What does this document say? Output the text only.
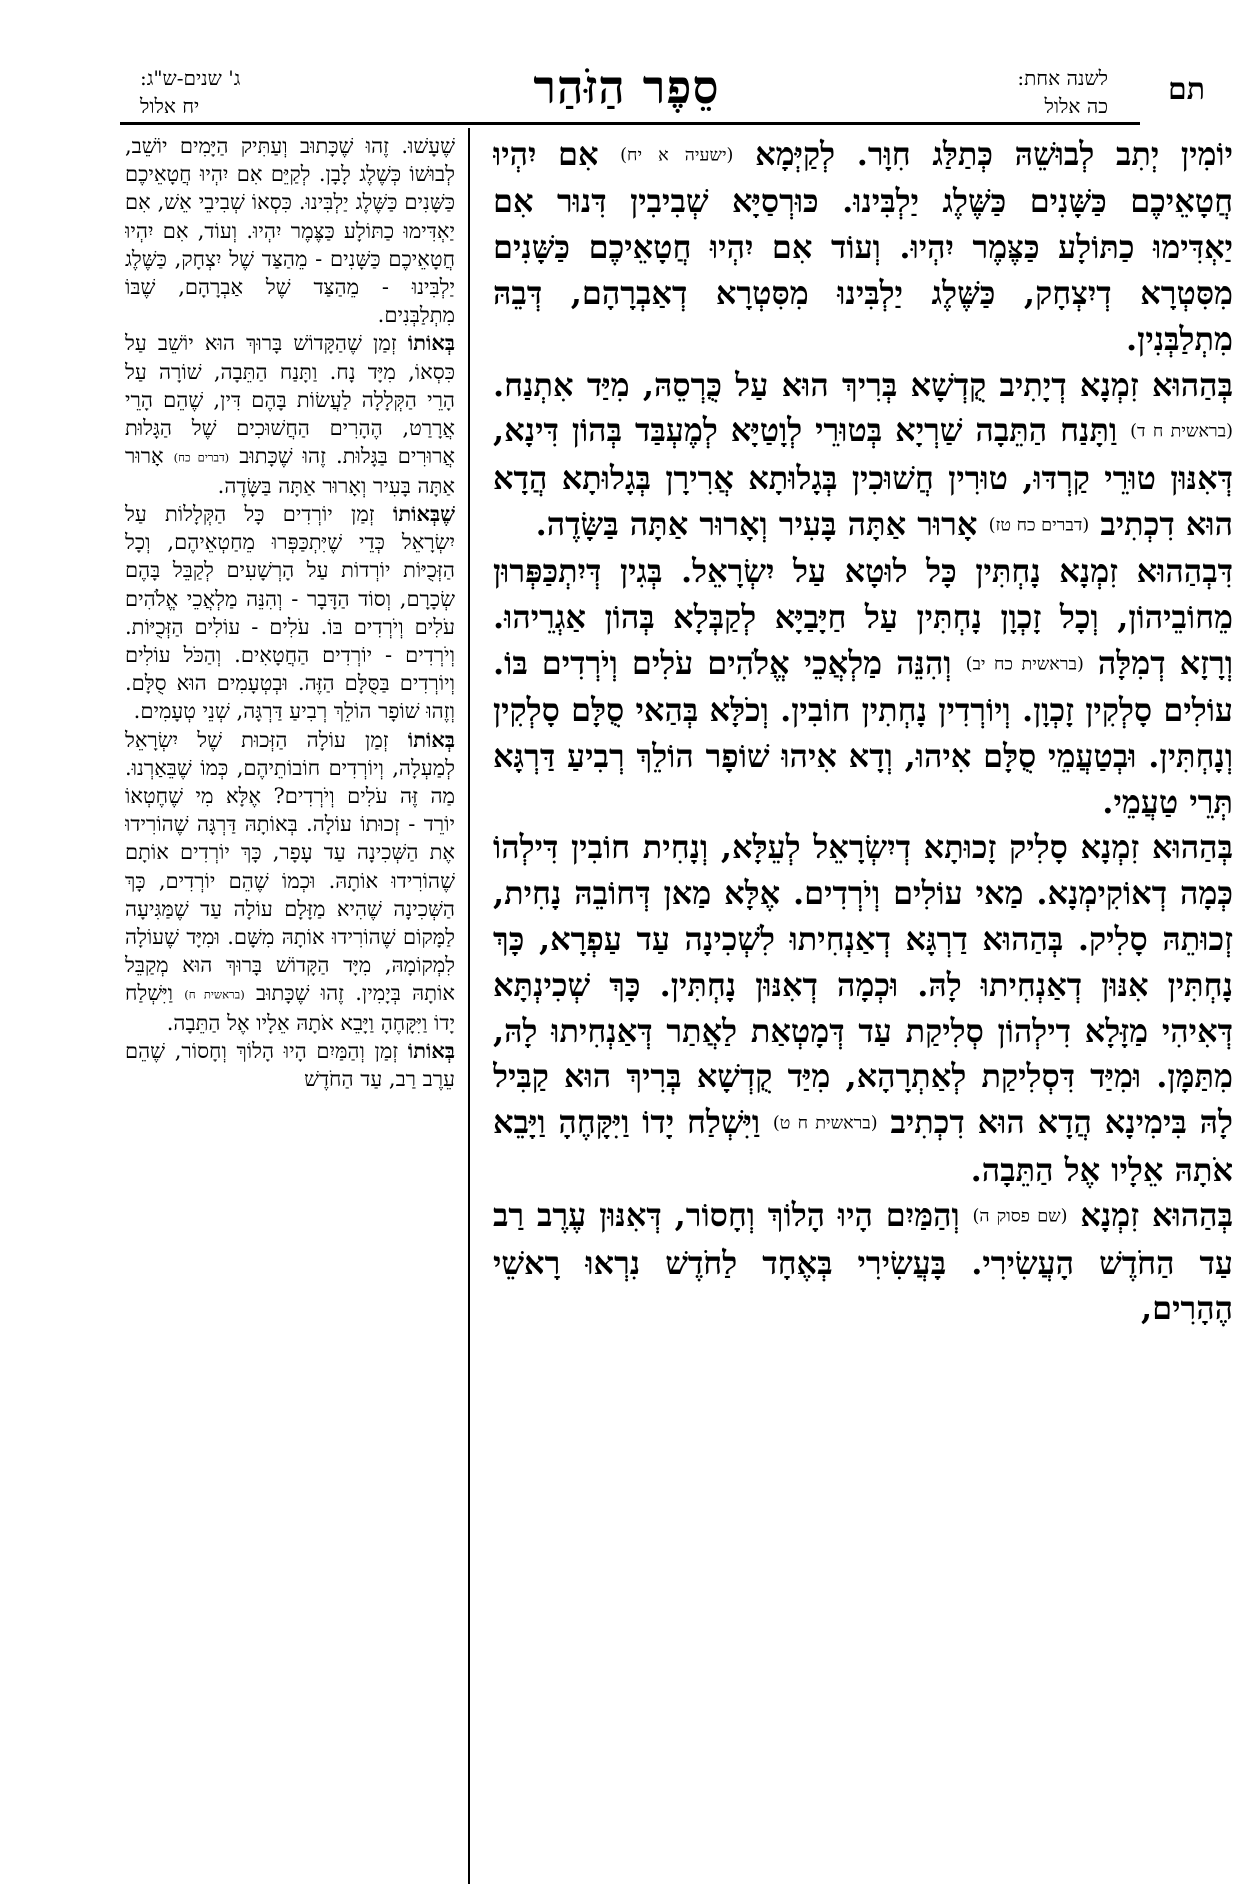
תם
לשנה אחת:
כה אלול
סֵפֶר הַזֹּהַר
ג' שנים-ש"ג:
יח אלול

יוֹמִין יְתִב לְבוּשֵׁהּ כְּתַלַּג חִוָּר. לְקַיְּמָא (ישעיה א יח) אִם יִהְיוּ חֲטָאֵיכֶם כַּשָּׁנִים כַּשֶּׁלֶג יַלְבִּינוּ. כּוּרְסַיָּא שְׁבִיבִין דִּנוּר אִם יַאְדִּימוּ כַתּוֹלָע כַּצֶּמֶר יִהְיוּ. וְעוֹד אִם יִהְיוּ חֲטָאֵיכֶם כַּשָּׁנִים מִסִּטְרָא דְיִצְחָק, כַּשֶּׁלֶג יַלְבִּינוּ מִסִּטְרָא דְאַבְרָהָם, דְּבֵהּ מִתְלַבְּנִין.

בְּהַהוּא זִמְנָא דְיָתִיב קֻדְשָׁא בְּרִיךְ הוּא עַל כֻּרְסֵהּ, מִיַּד אִתְנַח. (בראשית ח ד) וַתָּנַח הַתֵּבָה שַׁרְיָא בְּטוּרֵי לְוָטַיָּא לְמֶעְבַּד בְּהוֹן דִּינָא, דְּאִנּוּן טוּרֵי קַרְדּוּ, טוּרִין חֲשׁוּכִין בְּגָלוּתָא אֲרִירָן בְּגָלוּתָא הֲדָא הוּא דִכְתִיב (דברים כח טז) אָרוּר אַתָּה בָּעִיר וְאָרוּר אַתָּה בַּשָּׂדֶה.

דִּבְהַהוּא זִמְנָא נָחְתִּין כָּל לוּטָא עַל יִשְׂרָאֵל. בְּגִין דְּיִתְכַּפְּרוּן מֵחוֹבֵיהוֹן, וְכָל זָכְוָן נָחְתִּין עַל חַיָּבַיָּא לְקַבְּלָא בְּהוֹן אַגְרֵיהוּ. וְרָזָא דְמִלָּה (בראשית כח יב) וְהִנֵּה מַלְאֲכֵי אֱלֹהִים עֹלִים וְיֹרְדִים בּוֹ. עוֹלִים סָלְקִין זָכְוָן. וְיוֹרְדִין נָחְתִין חוֹבִין. וְכֹלָּא בְּהַאי סֻלָּם סָלְקִין וְנָחְתִּין. וּבְטַעֲמֵי סֻלָּם אִיהוּ, וְדָא אִיהוּ שׁוֹפָר הוֹלֵךְ רְבִיעַ דַּרְגָּא תְּרֵי טַעֲמֵי.

בְּהַהוּא זִמְנָא סָלִיק זָכוּתָא דְיִשְׂרָאֵל לְעֵלָּא, וְנָחִית חוֹבִין דִּילְהוֹ כְּמָה דְאוֹקִימְנָא. מַאי עוֹלִים וְיֹרְדִים. אֶלָּא מַאן דְּחוֹבֵהּ נָחִית, זְכוּתֵהּ סָלִיק. בְּהַהוּא דַרְגָּא דְאַנְחִיתוּ לִשְׁכִינָה עַד עַפְרָא, כָּךְ נָחְתִּין אִנּוּן דְאַנְחִיתוּ לָהּ. וּכְמָה דְאִנּוּן נָחְתִּין. כָּךְ שְׁכִינְתָּא דְּאִיהִי מַזָּלָא דִילְהוֹן סְלִיקַת עַד דְּמָטְאַת לַאֲתַר דְּאַנְחִיתוּ לָהּ, מִתַּמָּן. וּמִיַּד דִּסְלִיקַת לְאַתְרָהָא, מִיַּד קֻדְשָׁא בְּרִיךְ הוּא קַבִּיל לָהּ בִּימִינָא הֲדָא הוּא דִכְתִיב (בראשית ח ט) וַיִּשְׁלַח יָדוֹ וַיִּקָּחֶהָ וַיָּבֵא אֹתָהּ אֵלָיו אֶל הַתֵּבָה.

בְּהַהוּא זִמְנָא (שם פסוק ה) וְהַמַּיִם הָיוּ הָלוֹךְ וְחָסוֹר, דְּאִנּוּן עֶרֶב רַב עַד הַחֹדֶשׁ הָעֲשִׂירִי. בָּעֲשִׂירִי בְּאֶחָד לַחֹדֶשׁ נִרְאוּ רָאשֵׁי הֶהָרִים,

שֶׁעָשׁוּ. זֶהוּ שֶׁכָּתוּב וְעַתִּיק הַיָּמִים יוֹשֵׁב, לְבוּשׁוֹ כְּשֶׁלֶג לָבָן. לְקַיֵּם אִם יִהְיוּ חֲטָאֵיכֶם כַּשָּׁנִים כַּשֶּׁלֶג יַלְבִּינוּ. כִּסְאוֹ שְׁבִיבֵי אֵשׁ, אִם יַאְדִּימוּ כַתּוֹלָע כַּצֶּמֶר יִהְיוּ. וְעוֹד, אִם יִהְיוּ חֲטָאֵיכֶם כַּשָּׁנִים - מֵהַצַּד שֶׁל יִצְחָק, כַּשֶּׁלֶג יַלְבִּינוּ - מֵהַצַּד שֶׁל אַבְרָהָם, שֶׁבּוֹ מִתְלַבְּנִים.

בְּאוֹתוֹ זְמַן שֶׁהַקָּדוֹשׁ בָּרוּךְ הוּא יוֹשֵׁב עַל כִּסְאוֹ, מִיָּד נָח. וַתָּנַח הַתֵּבָה, שׁוֹרָה עַל הָרֵי הַקְּלָלָה לַעֲשׂוֹת בָּהֶם דִּין, שֶׁהֵם הָרֵי אֲרָרַט, הֶהָרִים הַחֲשׁוּכִים שֶׁל הַגָּלוּת אֲרוּרִים בַּגָּלוּת. זֶהוּ שֶׁכָּתוּב (דברים כח) אָרוּר אַתָּה בָּעִיר וְאָרוּר אַתָּה בַּשָּׂדֶה.

שֶׁבְּאוֹתוֹ זְמַן יוֹרְדִים כָּל הַקְּלָלוֹת עַל יִשְׂרָאֵל כְּדֵי שֶׁיִּתְכַּפְּרוּ מֵחַטְאֵיהֶם, וְכָל הַזְּכֻיּוֹת יוֹרְדוֹת עַל הָרְשָׁעִים לְקַבֵּל בָּהֶם שְׂכָרָם, וְסוֹד הַדָּבָר - וְהִנֵּה מַלְאֲכֵי אֱלֹהִים עֹלִים וְיֹרְדִים בּוֹ. עֹלִים - עוֹלִים הַזְּכֻיּוֹת. וְיֹרְדִים - יוֹרְדִים הַחֲטָאִים. וְהַכֹּל עוֹלִים וְיוֹרְדִים בַּסֻּלָּם הַזֶּה. וּבְטְעָמִים הוּא סֻלָּם. וְזֶהוּ שׁוֹפָר הוֹלֵךְ רְבִיעַ דַּרְגָּה, שְׁנֵי טְעָמִים.

בְּאוֹתוֹ זְמַן עוֹלָה הַזְּכוּת שֶׁל יִשְׂרָאֵל לְמַעְלָה, וְיוֹרְדִים חוֹבוֹתֵיהֶם, כְּמוֹ שֶׁבֵּאַרְנוּ. מַה זֶּה עֹלִים וְיֹרְדִים? אֶלָּא מִי שֶׁחֶטְאוֹ יוֹרֵד - זְכוּתוֹ עוֹלָה. בְּאוֹתָהּ דַּרְגָּה שֶׁהוֹרִידוּ אֶת הַשְּׁכִינָה עַד עָפָר, כָּךְ יוֹרְדִים אוֹתָם שֶׁהוֹרִידוּ אוֹתָהּ. וּכְמוֹ שֶׁהֵם יוֹרְדִים, כָּךְ הַשְּׁכִינָה שֶׁהִיא מַזָּלָם עוֹלָה עַד שֶׁמַּגִּיעָה לַמָּקוֹם שֶׁהוֹרִידוּ אוֹתָהּ מִשָּׁם. וּמִיָּד שֶׁעוֹלָה לִמְקוֹמָהּ, מִיָּד הַקָּדוֹשׁ בָּרוּךְ הוּא מְקַבֵּל אוֹתָהּ בְּיָמִין. זֶהוּ שֶׁכָּתוּב (בראשית ח) וַיִּשְׁלַח יָדוֹ וַיִּקָּחֶהָ וַיָּבֵא אֹתָהּ אֵלָיו אֶל הַתֵּבָה.

בְּאוֹתוֹ זְמַן וְהַמַּיִם הָיוּ הָלוֹךְ וְחָסוֹר, שֶׁהֵם עֵרֶב רַב, עַד הַחֹדֶשׁ
